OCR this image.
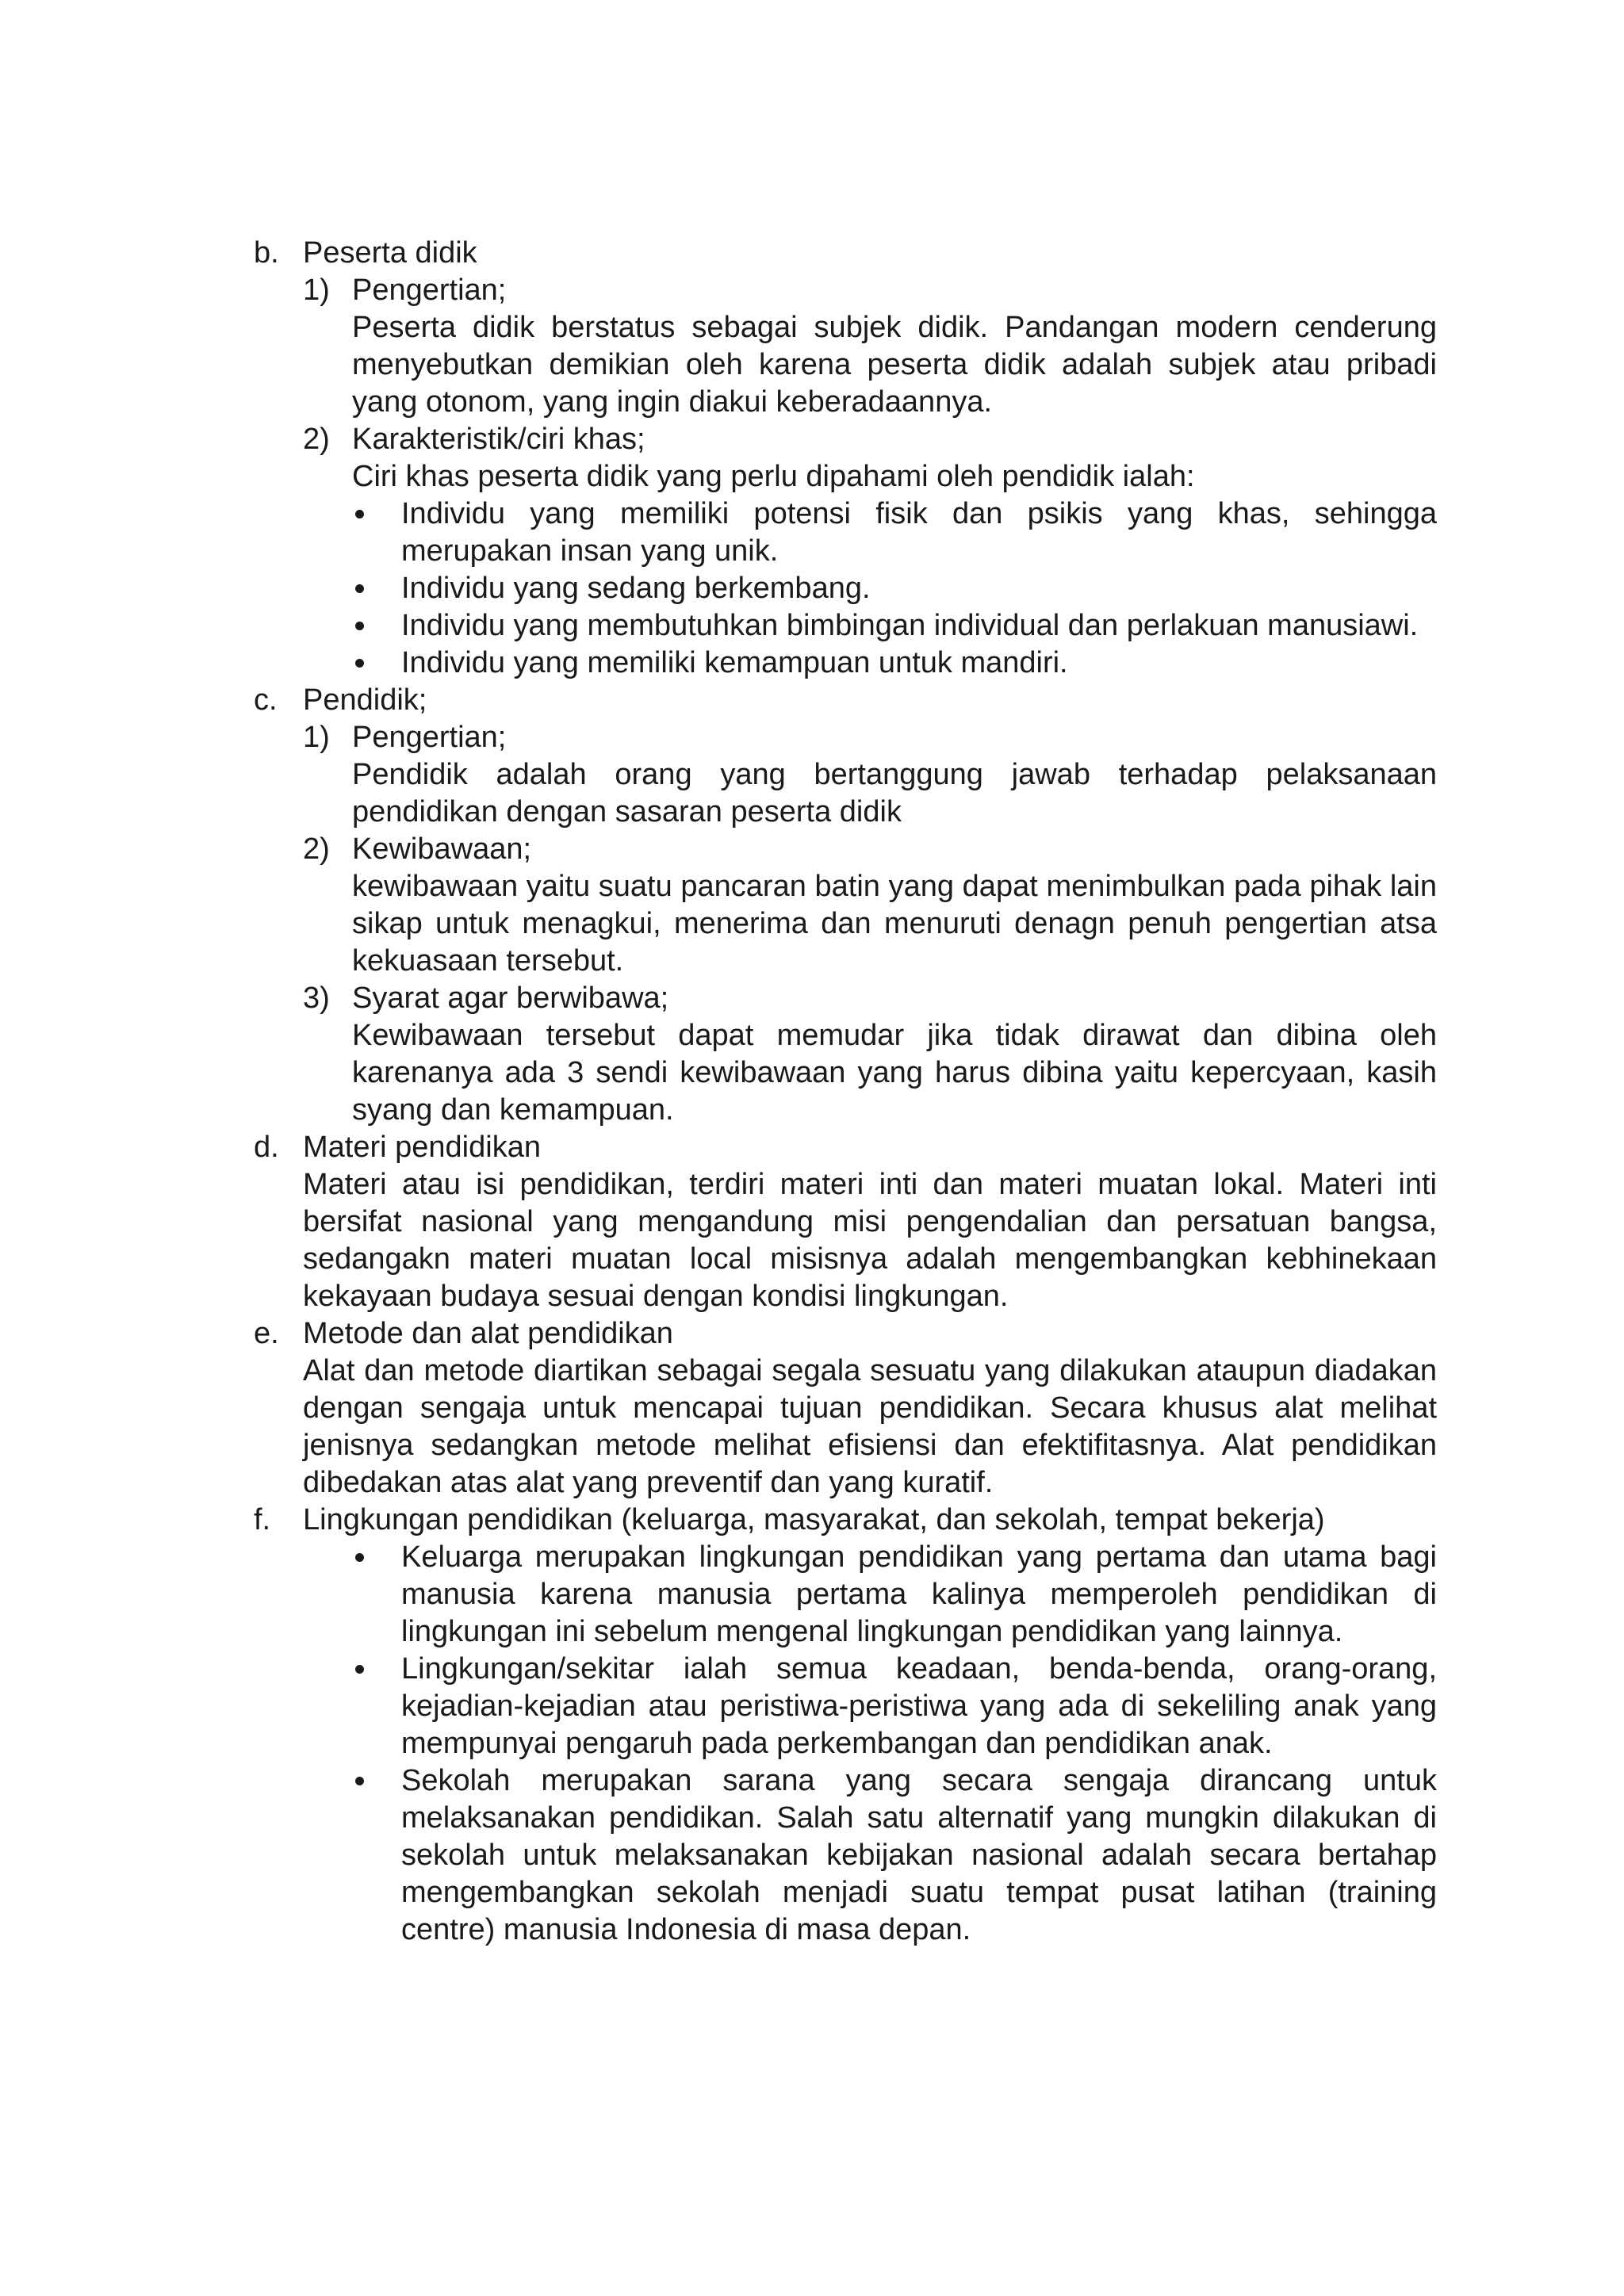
b. Peserta didik
1) Pengertian;
Peserta didik berstatus sebagai subjek didik. Pandangan modern cenderung menyebutkan demikian oleh karena peserta didik adalah subjek atau pribadi yang otonom, yang ingin diakui keberadaannya.
2) Karakteristik/ciri khas;
Ciri khas peserta didik yang perlu dipahami oleh pendidik ialah:
Individu yang memiliki potensi fisik dan psikis yang khas, sehingga merupakan insan yang unik.
Individu yang sedang berkembang.
Individu yang membutuhkan bimbingan individual dan perlakuan manusiawi.
Individu yang memiliki kemampuan untuk mandiri.
c. Pendidik;
1) Pengertian;
Pendidik adalah orang yang bertanggung jawab terhadap pelaksanaan pendidikan dengan sasaran peserta didik
2) Kewibawaan;
kewibawaan yaitu suatu pancaran batin yang dapat menimbulkan pada pihak lain sikap untuk menagkui, menerima dan menuruti denagn penuh pengertian atsa kekuasaan tersebut.
3) Syarat agar berwibawa;
Kewibawaan tersebut dapat memudar jika tidak dirawat dan dibina oleh karenanya ada 3 sendi kewibawaan yang harus dibina yaitu kepercyaan, kasih syang dan kemampuan.
d. Materi pendidikan
Materi atau isi pendidikan, terdiri materi inti dan materi muatan lokal. Materi inti bersifat nasional yang mengandung misi pengendalian dan persatuan bangsa, sedangakn materi muatan local misisnya adalah mengembangkan kebhinekaan kekayaan budaya sesuai dengan kondisi lingkungan.
e. Metode dan alat pendidikan
Alat dan metode diartikan sebagai segala sesuatu yang dilakukan ataupun diadakan dengan sengaja untuk mencapai tujuan pendidikan. Secara khusus alat melihat jenisnya sedangkan metode melihat efisiensi dan efektifitasnya. Alat pendidikan dibedakan atas alat yang preventif dan yang kuratif.
f. Lingkungan pendidikan (keluarga, masyarakat, dan sekolah, tempat bekerja)
Keluarga merupakan lingkungan pendidikan yang pertama dan utama bagi manusia karena manusia pertama kalinya memperoleh pendidikan di lingkungan ini sebelum mengenal lingkungan pendidikan yang lainnya.
Lingkungan/sekitar ialah semua keadaan, benda-benda, orang-orang, kejadian-kejadian atau peristiwa-peristiwa yang ada di sekeliling anak yang mempunyai pengaruh pada perkembangan dan pendidikan anak.
Sekolah merupakan sarana yang secara sengaja dirancang untuk melaksanakan pendidikan. Salah satu alternatif yang mungkin dilakukan di sekolah untuk melaksanakan kebijakan nasional adalah secara bertahap mengembangkan sekolah menjadi suatu tempat pusat latihan (training centre) manusia Indonesia di masa depan.
